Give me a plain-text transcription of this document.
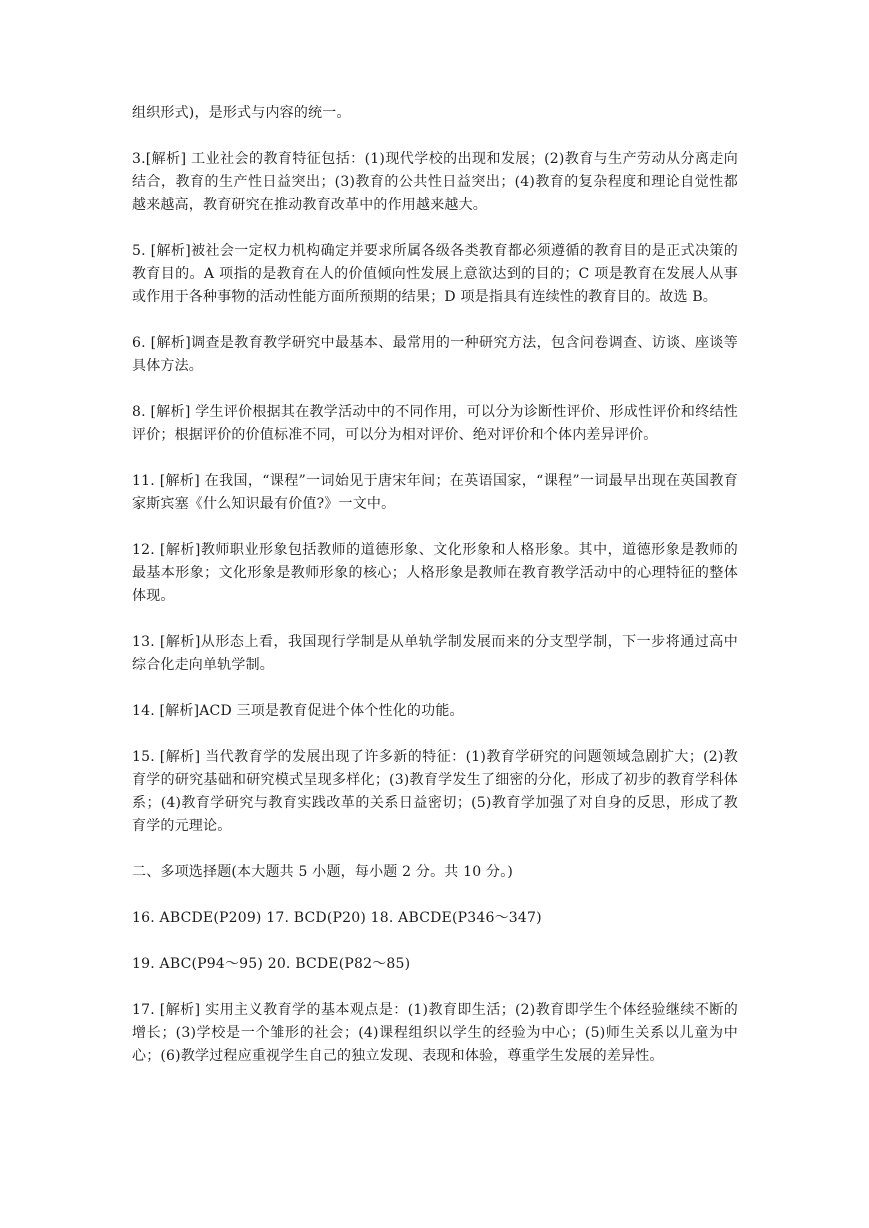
组织形式)，是形式与内容的统一。

3.[解析] 工业社会的教育特征包括：(1)现代学校的出现和发展；(2)教育与生产劳动从分离走向结合，教育的生产性日益突出；(3)教育的公共性日益突出；(4)教育的复杂程度和理论自觉性都越来越高，教育研究在推动教育改革中的作用越来越大。

5. [解析]被社会一定权力机构确定并要求所属各级各类教育都必须遵循的教育目的是正式决策的教育目的。A 项指的是教育在人的价值倾向性发展上意欲达到的目的；C 项是教育在发展人从事或作用于各种事物的活动性能方面所预期的结果；D 项是指具有连续性的教育目的。故选 B。

6. [解析]调查是教育教学研究中最基本、最常用的一种研究方法，包含问卷调查、访谈、座谈等具体方法。

8. [解析] 学生评价根据其在教学活动中的不同作用，可以分为诊断性评价、形成性评价和终结性评价；根据评价的价值标准不同，可以分为相对评价、绝对评价和个体内差异评价。

11. [解析] 在我国，“课程”一词始见于唐宋年间；在英语国家，“课程”一词最早出现在英国教育家斯宾塞《什么知识最有价值?》一文中。

12. [解析]教师职业形象包括教师的道德形象、文化形象和人格形象。其中，道德形象是教师的最基本形象；文化形象是教师形象的核心；人格形象是教师在教育教学活动中的心理特征的整体体现。

13. [解析]从形态上看，我国现行学制是从单轨学制发展而来的分支型学制，下一步将通过高中综合化走向单轨学制。

14. [解析]ACD 三项是教育促进个体个性化的功能。

15. [解析] 当代教育学的发展出现了许多新的特征：(1)教育学研究的问题领域急剧扩大；(2)教育学的研究基础和研究模式呈现多样化；(3)教育学发生了细密的分化，形成了初步的教育学科体系；(4)教育学研究与教育实践改革的关系日益密切；(5)教育学加强了对自身的反思，形成了教育学的元理论。

二、多项选择题(本大题共 5 小题，每小题 2 分。共 10 分。)

16. ABCDE(P209) 17. BCD(P20) 18. ABCDE(P346～347)

19. ABC(P94～95) 20. BCDE(P82～85)

17. [解析] 实用主义教育学的基本观点是：(1)教育即生活；(2)教育即学生个体经验继续不断的增长；(3)学校是一个雏形的社会；(4)课程组织以学生的经验为中心；(5)师生关系以儿童为中心；(6)教学过程应重视学生自己的独立发现、表现和体验，尊重学生发展的差异性。
